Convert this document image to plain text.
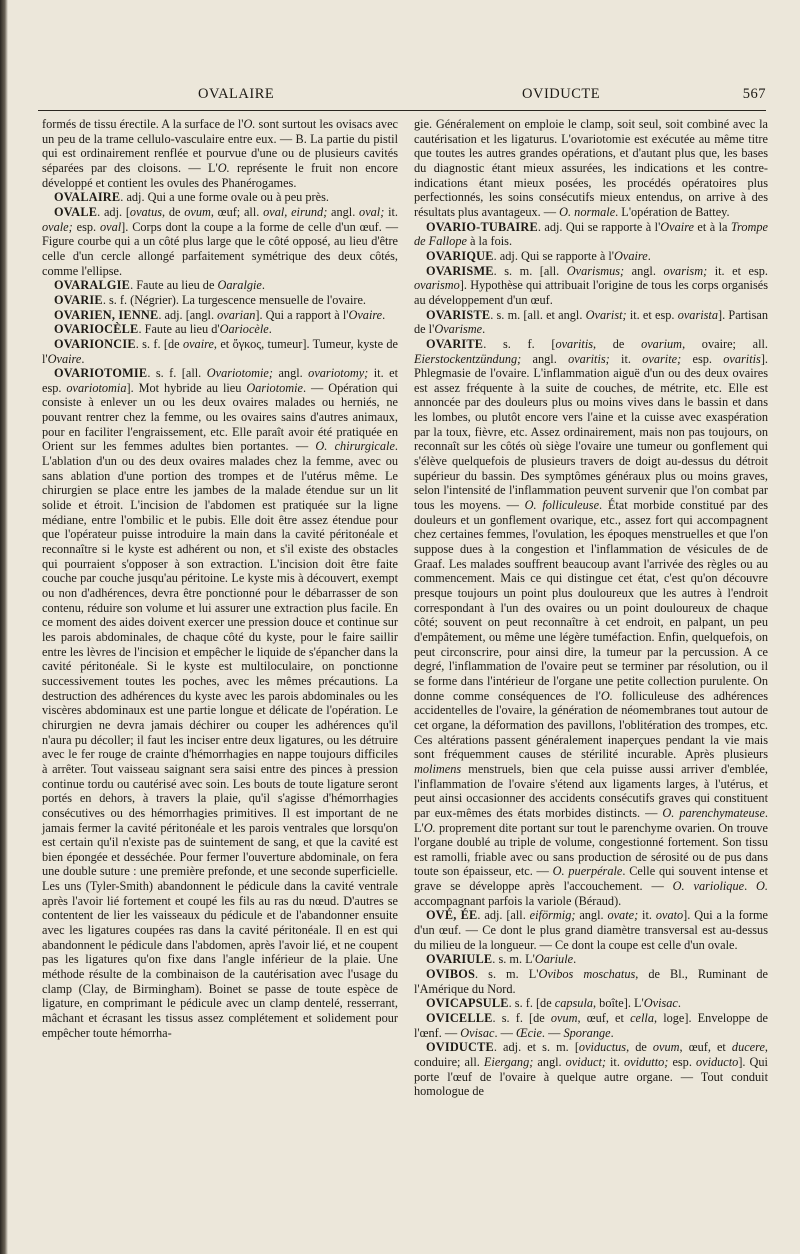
OVALAIRE	OVIDUCTE	567

formés de tissu érectile. A la surface de l'O. sont surtout les ovisacs avec un peu de la trame cellulo-vasculaire entre eux. — B. La partie du pistil qui est ordinairement renflée et pourvue d'une ou de plusieurs cavités séparées par des cloisons. — L'O. représente le fruit non encore développé et contient les ovules des Phanérogames.

OVALAIRE. adj. Qui a une forme ovale ou à peu près.

OVALE. adj. [ovatus, de ovum, œuf; all. oval, eirund; angl. oval; it. ovale; esp. oval]. Corps dont la coupe a la forme de celle d'un œuf. — Figure courbe qui a un côté plus large que le côté opposé, au lieu d'être celle d'un cercle allongé parfaitement symétrique des deux côtés, comme l'ellipse.

OVARALGIE. Faute au lieu de Oaralgie.

OVARIE. s. f. (Négrier). La turgescence mensuelle de l'ovaire.

OVARIEN, IENNE. adj. [angl. ovarian]. Qui a rapport à l'Ovaire.

OVARIOCÈLE. Faute au lieu d'Oariocèle.

OVARIONCIE. s. f. [de ovaire, et ὄγκος, tumeur]. Tumeur, kyste de l'Ovaire.

OVARIOTOMIE. s. f. [all. Ovariotomie; angl. ovariotomy; it. et esp. ovariotomia]. Mot hybride au lieu Oariotomie. — Opération qui consiste à enlever un ou les deux ovaires malades ou herniés, ne pouvant rentrer chez la femme, ou les ovaires sains d'autres animaux, pour en faciliter l'engraissement, etc. Elle paraît avoir été pratiquée en Orient sur les femmes adultes bien portantes. — O. chirurgicale. L'ablation d'un ou des deux ovaires malades chez la femme, avec ou sans ablation d'une portion des trompes et de l'utérus même. Le chirurgien se place entre les jambes de la malade étendue sur un lit solide et étroit. L'incision de l'abdomen est pratiquée sur la ligne médiane, entre l'ombilic et le pubis. Elle doit être assez étendue pour que l'opérateur puisse introduire la main dans la cavité péritonéale et reconnaître si le kyste est adhérent ou non, et s'il existe des obstacles qui pourraient s'opposer à son extraction. L'incision doit être faite couche par couche jusqu'au péritoine. Le kyste mis à découvert, exempt ou non d'adhérences, devra être ponctionné pour le débarrasser de son contenu, réduire son volume et lui assurer une extraction plus facile. En ce moment des aides doivent exercer une pression douce et continue sur les parois abdominales, de chaque côté du kyste, pour le faire saillir entre les lèvres de l'incision et empêcher le liquide de s'épancher dans la cavité péritonéale. Si le kyste est multiloculaire, on ponctionne successivement toutes les poches, avec les mêmes précautions. La destruction des adhérences du kyste avec les parois abdominales ou les viscères abdominaux est une partie longue et délicate de l'opération. Le chirurgien ne devra jamais déchirer ou couper les adhérences qu'il n'aura pu décoller; il faut les inciser entre deux ligatures, ou les détruire avec le fer rouge de crainte d'hémorrhagies en nappe toujours difficiles à arrêter. Tout vaisseau saignant sera saisi entre des pinces à pression continue tordu ou cautérisé avec soin. Les bouts de toute ligature seront portés en dehors, à travers la plaie, qu'il s'agisse d'hémorrhagies consécutives ou des hémorrhagies primitives. Il est important de ne jamais fermer la cavité péritonéale et les parois ventrales que lorsqu'on est certain qu'il n'existe pas de suintement de sang, et que la cavité est bien épongée et desséchée. Pour fermer l'ouverture abdominale, on fera une double suture : une première prefonde, et une seconde superficielle. Les uns (Tyler-Smith) abandonnent le pédicule dans la cavité ventrale après l'avoir lié fortement et coupé les fils au ras du nœud. D'autres se contentent de lier les vaisseaux du pédicule et de l'abandonner ensuite avec les ligatures coupées ras dans la cavité péritonéale. Il en est qui abandonnent le pédicule dans l'abdomen, après l'avoir lié, et ne coupent pas les ligatures qu'on fixe dans l'angle inférieur de la plaie. Une méthode résulte de la combinaison de la cautérisation avec l'usage du clamp (Clay, de Birmingham). Boinet se passe de toute espèce de ligature, en comprimant le pédicule avec un clamp dentelé, resserrant, mâchant et écrasant les tissus assez complétement et solidement pour empêcher toute hémorrha-

gie. Généralement on emploie le clamp, soit seul, soit combiné avec la cautérisation et les ligaturus. L'ovariotomie est exécutée au même titre que toutes les autres grandes opérations, et d'autant plus que, les bases du diagnostic étant mieux assurées, les indications et les contre-indications étant mieux posées, les procédés opératoires plus perfectionnés, les soins consécutifs mieux entendus, on arrive à des résultats plus avantageux. — O. normale. L'opération de Battey.

OVARIO-TUBAIRE. adj. Qui se rapporte à l'Ovaire et à la Trompe de Fallope à la fois.

OVARIQUE. adj. Qui se rapporte à l'Ovaire.

OVARISME. s. m. [all. Ovarismus; angl. ovarism; it. et esp. ovarismo]. Hypothèse qui attribuait l'origine de tous les corps organisés au développement d'un œuf.

OVARISTE. s. m. [all. et angl. Ovarist; it. et esp. ovarista]. Partisan de l'Ovarisme.

OVARITE. s. f. [ovaritis, de ovarium, ovaire; all. Eierstockentzündung; angl. ovaritis; it. ovarite; esp. ovaritis]. Phlegmasie de l'ovaire. L'inflammation aiguë d'un ou des deux ovaires est assez fréquente à la suite de couches, de métrite, etc. Elle est annoncée par des douleurs plus ou moins vives dans le bassin et dans les lombes, ou plutôt encore vers l'aine et la cuisse avec exaspération par la toux, fièvre, etc. Assez ordinairement, mais non pas toujours, on reconnaît sur les côtés où siège l'ovaire une tumeur ou gonflement qui s'élève quelquefois de plusieurs travers de doigt au-dessus du détroit supérieur du bassin. Des symptômes généraux plus ou moins graves, selon l'intensité de l'inflammation peuvent survenir que l'on combat par tous les moyens. — O. folliculeuse. État morbide constitué par des douleurs et un gonflement ovarique, etc., assez fort qui accompagnent chez certaines femmes, l'ovulation, les époques menstruelles et que l'on suppose dues à la congestion et l'inflammation de vésicules de de Graaf. Les malades souffrent beaucoup avant l'arrivée des règles ou au commencement. Mais ce qui distingue cet état, c'est qu'on découvre presque toujours un point plus douloureux que les autres à l'endroit correspondant à l'un des ovaires ou un point douloureux de chaque côté; souvent on peut reconnaître à cet endroit, en palpant, un peu d'empâtement, ou même une légère tuméfaction. Enfin, quelquefois, on peut circonscrire, pour ainsi dire, la tumeur par la percussion. A ce degré, l'inflammation de l'ovaire peut se terminer par résolution, ou il se forme dans l'intérieur de l'organe une petite collection purulente. On donne comme conséquences de l'O. folliculeuse des adhérences accidentelles de l'ovaire, la génération de néomembranes tout autour de cet organe, la déformation des pavillons, l'oblitération des trompes, etc. Ces altérations passent généralement inaperçues pendant la vie mais sont fréquemment causes de stérilité incurable. Après plusieurs molimens menstruels, bien que cela puisse aussi arriver d'emblée, l'inflammation de l'ovaire s'étend aux ligaments larges, à l'utérus, et peut ainsi occasionner des accidents consécutifs graves qui constituent par eux-mêmes des états morbides distincts. — O. parenchymateuse. L'O. proprement dite portant sur tout le parenchyme ovarien. On trouve l'organe doublé au triple de volume, congestionné fortement. Son tissu est ramolli, friable avec ou sans production de sérosité ou de pus dans toute son épaisseur, etc. — O. puerpérale. Celle qui souvent intense et grave se développe après l'accouchement. — O. variolique. O. accompagnant parfois la variole (Béraud).

OVÉ, ÉE. adj. [all. eiförmig; angl. ovate; it. ovato]. Qui a la forme d'un œuf. — Ce dont le plus grand diamètre transversal est au-dessus du milieu de la longueur. — Ce dont la coupe est celle d'un ovale.

OVARIULE. s. m. L'Oariule.

OVIBOS. s. m. L'Ovibos moschatus, de Bl., Ruminant de l'Amérique du Nord.

OVICAPSULE. s. f. [de capsula, boîte]. L'Ovisac.

OVICELLE. s. f. [de ovum, œuf, et cella, loge]. Enveloppe de l'œnf. — Ovisac. — Œcie. — Sporange.

OVIDUCTE. adj. et s. m. [oviductus, de ovum, œuf, et ducere, conduire; all. Eiergang; angl. oviduct; it. ovidutto; esp. oviducto]. Qui porte l'œuf de l'ovaire à quelque autre organe. — Tout conduit homologue de
